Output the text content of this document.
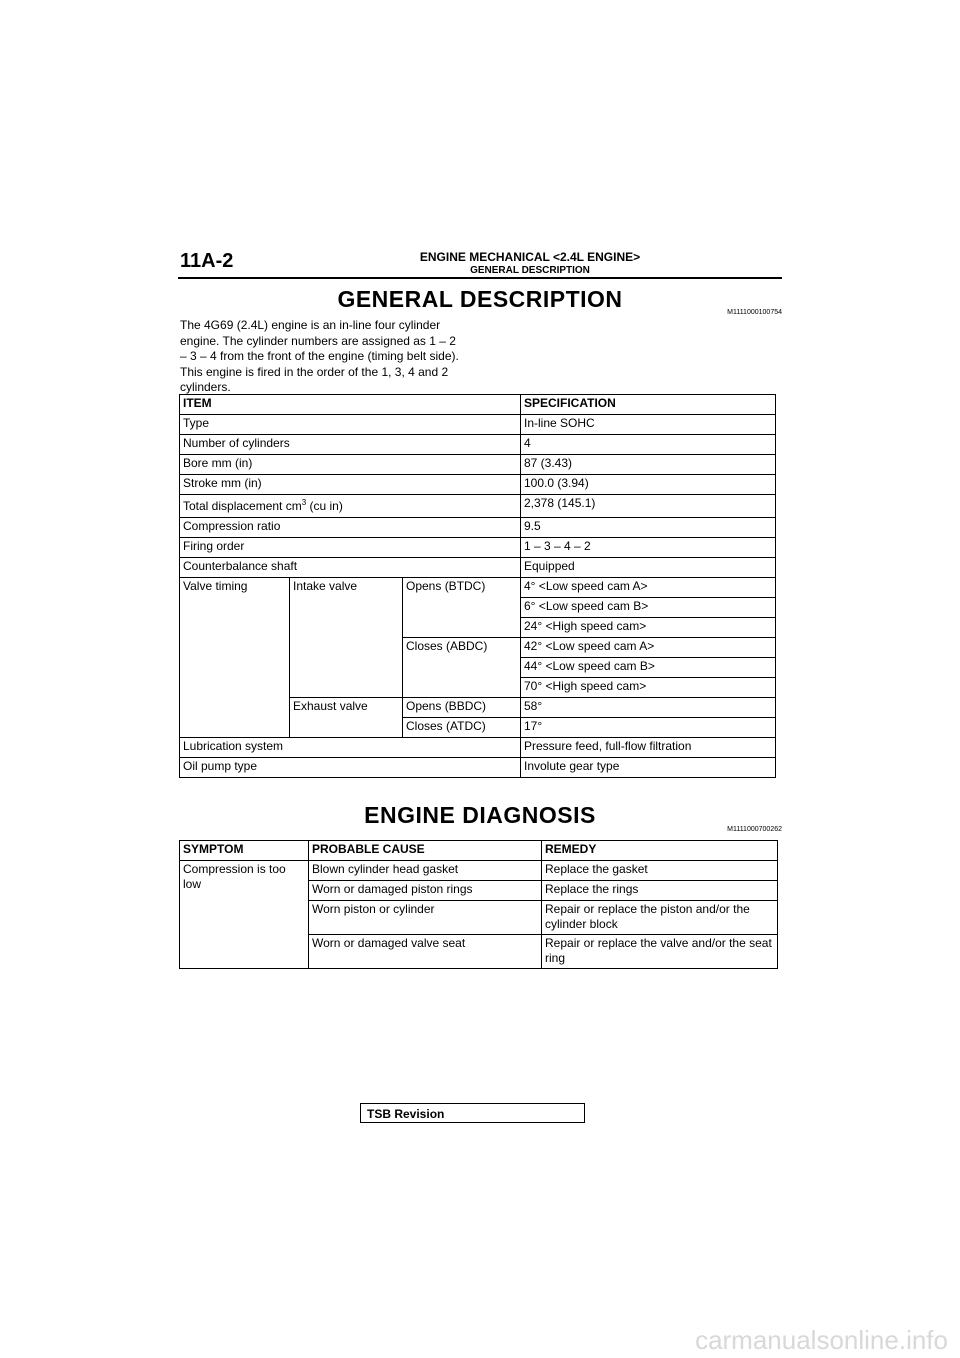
11A-2	ENGINE MECHANICAL <2.4L ENGINE>
GENERAL DESCRIPTION
GENERAL DESCRIPTION
M1111000100754
The 4G69 (2.4L) engine is an in-line four cylinder
engine. The cylinder numbers are assigned as 1 – 2
– 3 – 4 from the front of the engine (timing belt side).
This engine is fired in the order of the 1, 3, 4 and 2
cylinders.
ITEM			SPECIFICATION
Type			In-line SOHC
Number of cylinders			4
Bore mm (in)			87 (3.43)
Stroke mm (in)			100.0 (3.94)
Total displacement $cm^3$ (cu in)			2,378 (145.1)
Compression ratio			9.5
Firing order			1 – 3 – 4 – 2
Counterbalance shaft			Equipped
Valve timing	Intake valve	Opens (BTDC)	4° <Low speed cam A>
			6° <Low speed cam B>
			24° <High speed cam>
		Closes (ABDC)	42° <Low speed cam A>
			44° <Low speed cam B>
			70° <High speed cam>
	Exhaust valve	Opens (BBDC)	58°
		Closes (ATDC)	17°
Lubrication system			Pressure feed, full-flow filtration
Oil pump type			Involute gear type
ENGINE DIAGNOSIS
M1111000700262
SYMPTOM	PROBABLE CAUSE	REMEDY
Compression is too low	Blown cylinder head gasket	Replace the gasket
	Worn or damaged piston rings	Replace the rings
	Worn piston or cylinder	Repair or replace the piston and/or the cylinder block
	Worn or damaged valve seat	Repair or replace the valve and/or the seat ring
TSB Revision
carmanualsonline.info
